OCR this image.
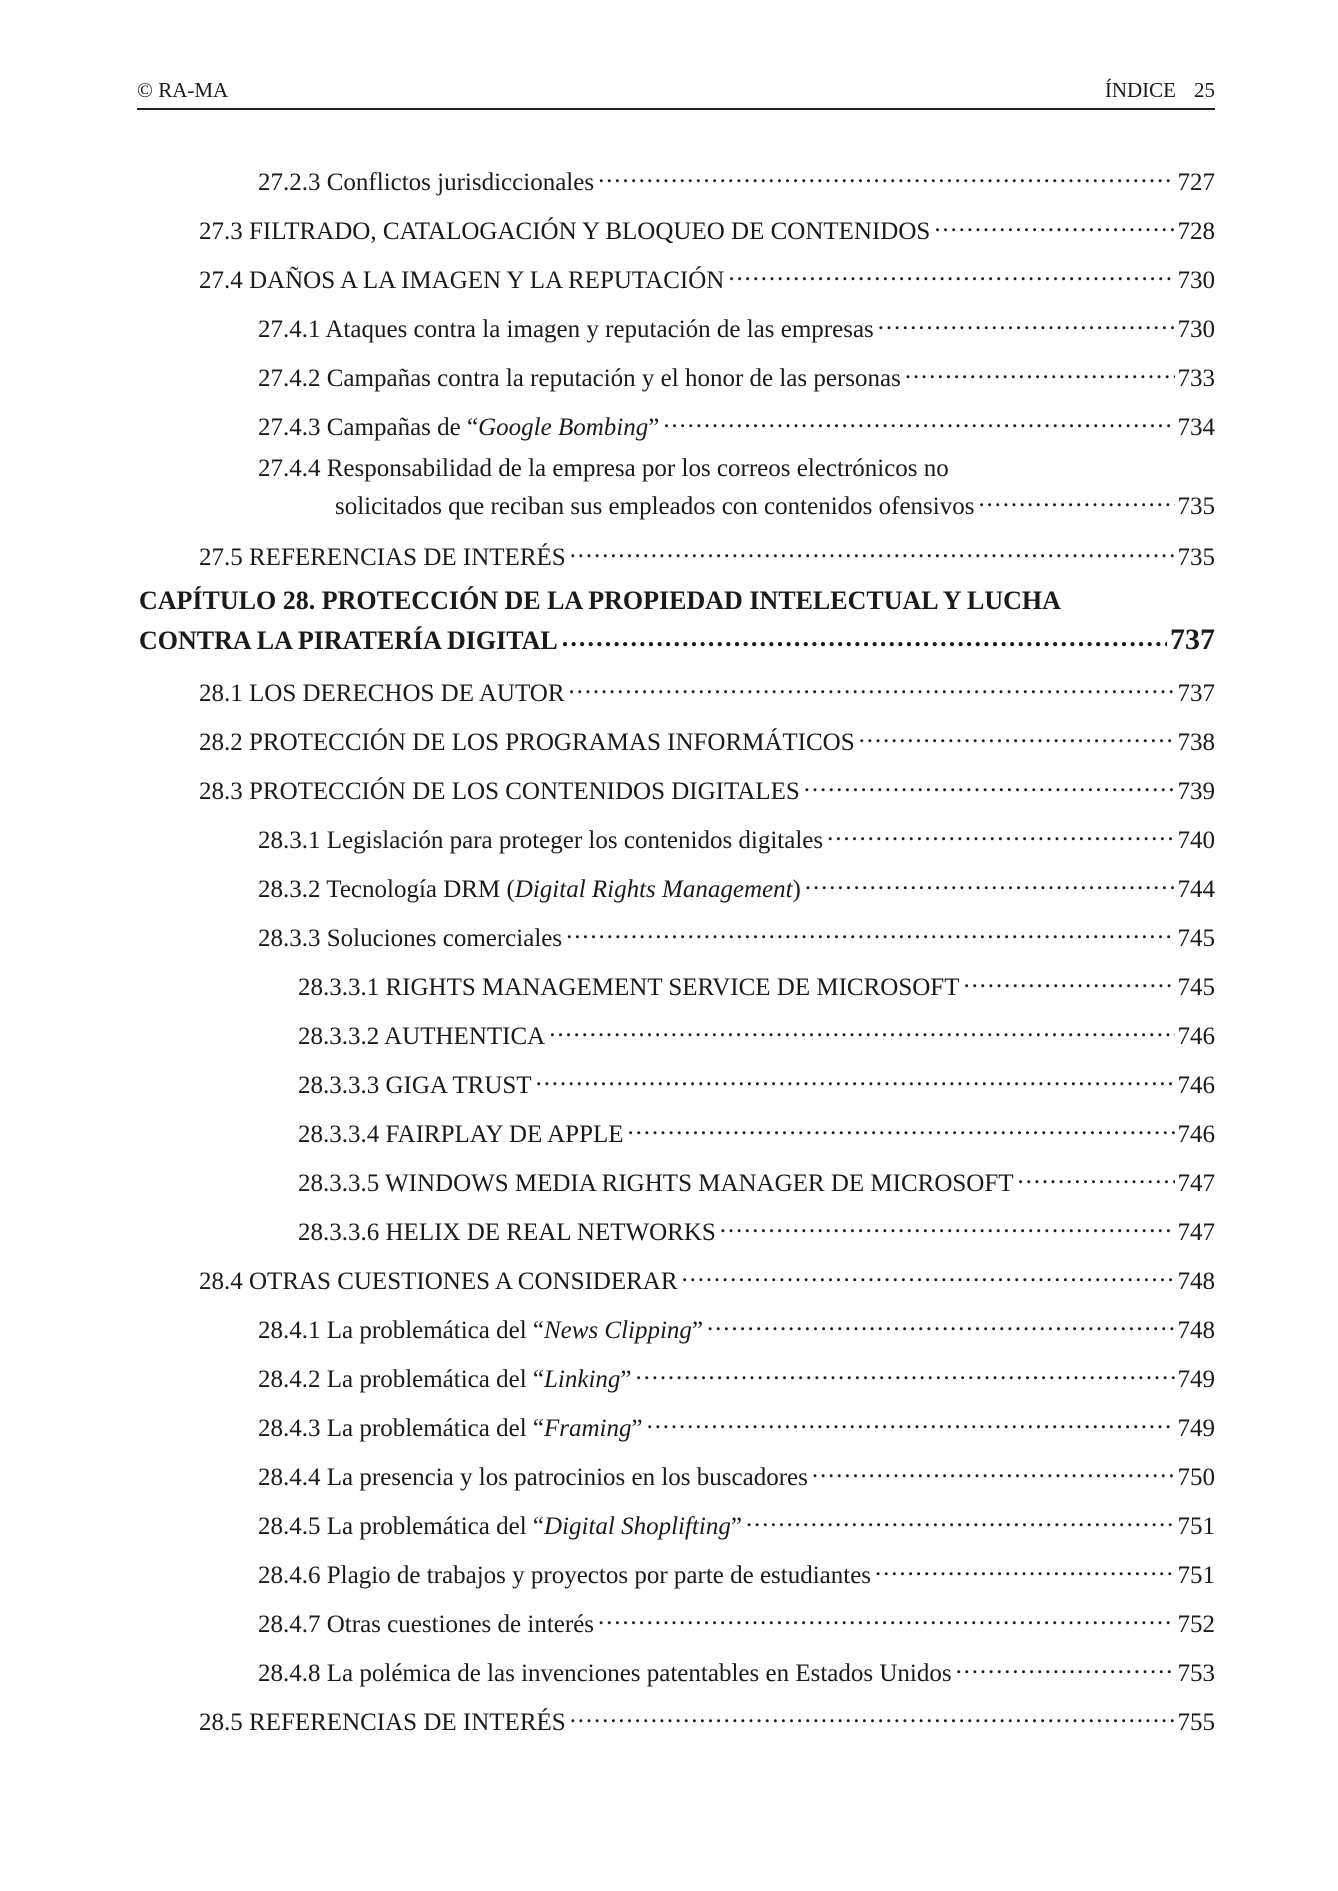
© RA-MA	ÍNDICE 25
27.2.3 Conflictos jurisdiccionales . . .	727
27.3 FILTRADO, CATALOGACIÓN Y BLOQUEO DE CONTENIDOS . . .	728
27.4 DAÑOS A LA IMAGEN Y LA REPUTACIÓN . . .	730
27.4.1 Ataques contra la imagen y reputación de las empresas . . .	730
27.4.2 Campañas contra la reputación y el honor de las personas . . .	733
27.4.3 Campañas de “Google Bombing” . . .	734
27.4.4 Responsabilidad de la empresa por los correos electrónicos no
solicitados que reciban sus empleados con contenidos ofensivos . . .	735
27.5 REFERENCIAS DE INTERÉS . . .	735
CAPÍTULO 28. PROTECCIÓN DE LA PROPIEDAD INTELECTUAL Y LUCHA
CONTRA LA PIRATERÍA DIGITAL . . .	737
28.1 LOS DERECHOS DE AUTOR . . .	737
28.2 PROTECCIÓN DE LOS PROGRAMAS INFORMÁTICOS . . .	738
28.3 PROTECCIÓN DE LOS CONTENIDOS DIGITALES . . .	739
28.3.1 Legislación para proteger los contenidos digitales . . .	740
28.3.2 Tecnología DRM (Digital Rights Management) . . .	744
28.3.3 Soluciones comerciales . . .	745
28.3.3.1 RIGHTS MANAGEMENT SERVICE DE MICROSOFT . . .	745
28.3.3.2 AUTHENTICA . . .	746
28.3.3.3 GIGA TRUST . . .	746
28.3.3.4 FAIRPLAY DE APPLE . . .	746
28.3.3.5 WINDOWS MEDIA RIGHTS MANAGER DE MICROSOFT . . .	747
28.3.3.6 HELIX DE REAL NETWORKS . . .	747
28.4 OTRAS CUESTIONES A CONSIDERAR . . .	748
28.4.1 La problemática del “News Clipping” . . .	748
28.4.2 La problemática del “Linking” . . .	749
28.4.3 La problemática del “Framing” . . .	749
28.4.4 La presencia y los patrocinios en los buscadores . . .	750
28.4.5 La problemática del “Digital Shoplifting” . . .	751
28.4.6 Plagio de trabajos y proyectos por parte de estudiantes . . .	751
28.4.7 Otras cuestiones de interés . . .	752
28.4.8 La polémica de las invenciones patentables en Estados Unidos . . .	753
28.5 REFERENCIAS DE INTERÉS . . .	755
